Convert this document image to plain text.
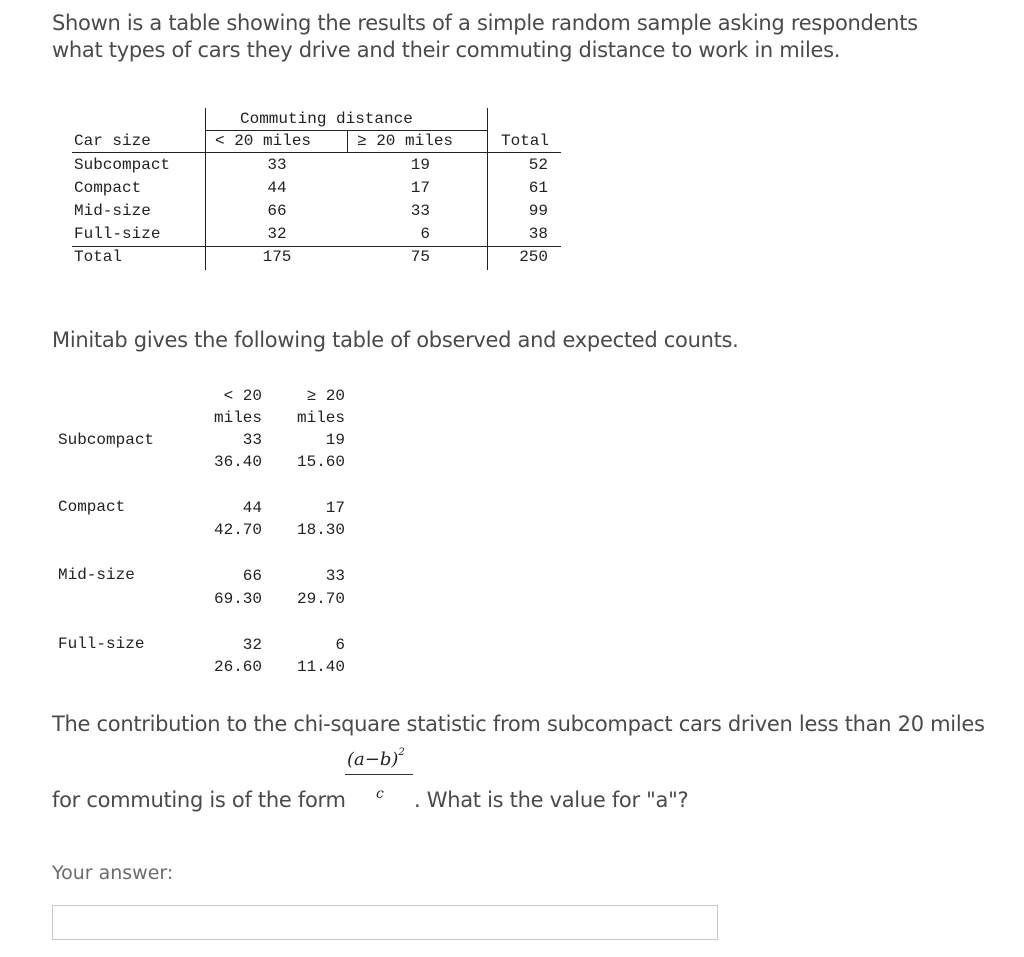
Shown is a table showing the results of a simple random sample asking respondents what types of cars they drive and their commuting distance to work in miles.
Commuting distance
Car size	< 20 miles	≥ 20 miles	Total
Subcompact	33	19	52
Compact	44	17	61
Mid-size	66	33	99
Full-size	32	6	38
Total	175	75	250
Minitab gives the following table of observed and expected counts.
< 20	≥ 20
miles	miles
Subcompact	33	19
36.40	15.60
Compact	44	17
42.70	18.30
Mid-size	66	33
69.30	29.70
Full-size	32	6
26.60	11.40
The contribution to the chi-square statistic from subcompact cars driven less than 20 miles
$(a-b)^2$
c
for commuting is of the form	. What is the value for "a"?
Your answer:
